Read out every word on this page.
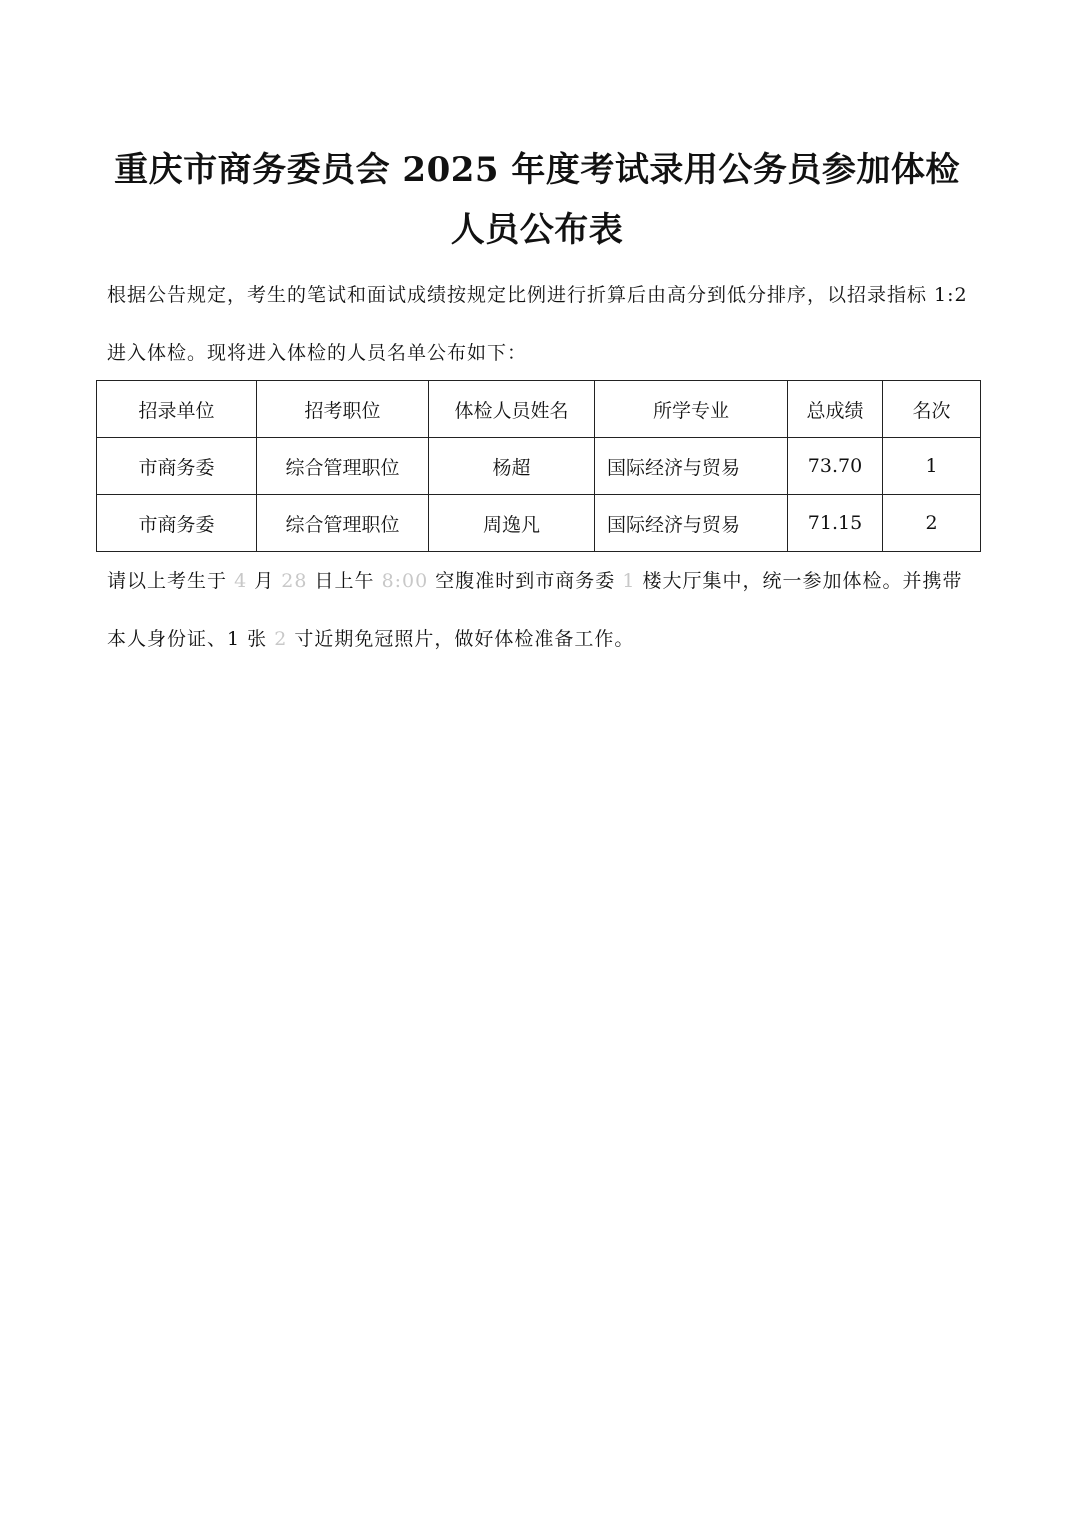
重庆市商务委员会 2025 年度考试录用公务员参加体检
人员公布表
根据公告规定，考生的笔试和面试成绩按规定比例进行折算后由高分到低分排序，以招录指标 1:2 进入体检。现将进入体检的人员名单公布如下：
招录单位	招考职位	体检人员姓名	所学专业	总成绩	名次
市商务委	综合管理职位	杨超	国际经济与贸易	73.70	1
市商务委	综合管理职位	周逸凡	国际经济与贸易	71.15	2
请以上考生于 4 月 28 日上午 8:00 空腹准时到市商务委 1 楼大厅集中，统一参加体检。并携带本人身份证、1 张 2 寸近期免冠照片，做好体检准备工作。
